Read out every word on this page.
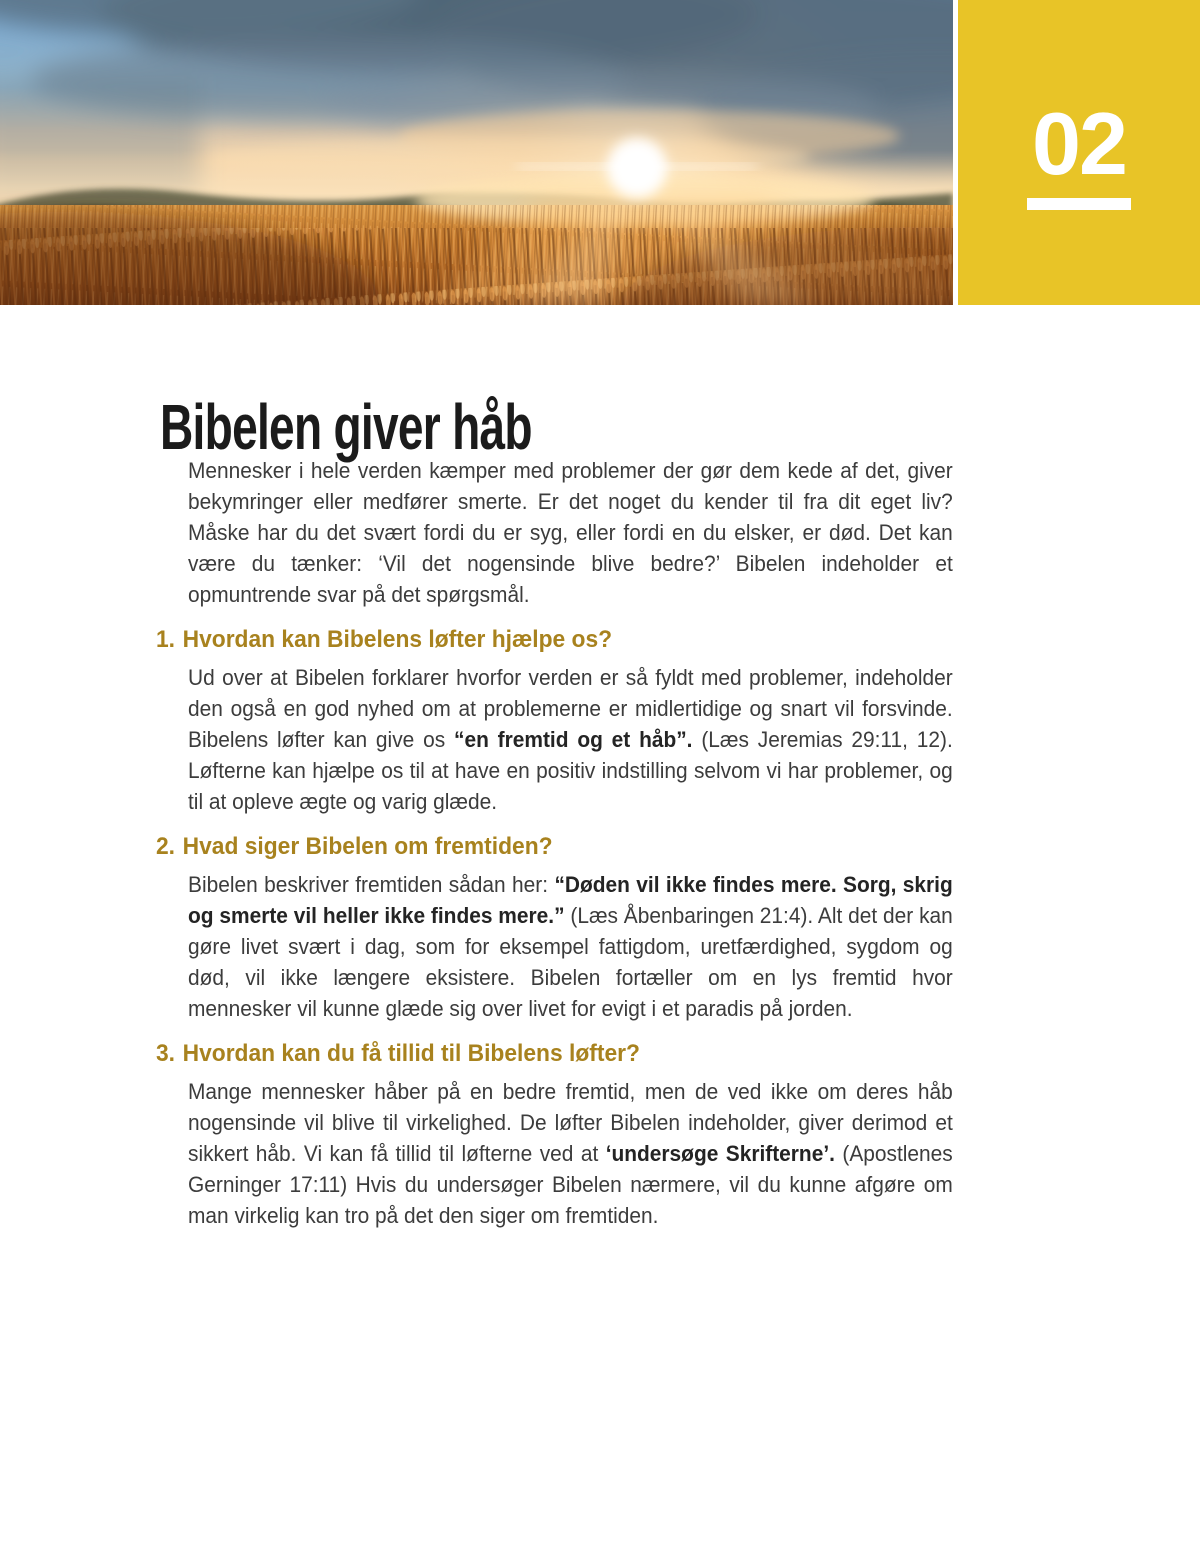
02
Bibelen giver håb

Mennesker i hele verden kæmper med problemer der gør dem kede af det, giver bekymringer eller medfører smerte. Er det noget du kender til fra dit eget liv? Måske har du det svært fordi du er syg, eller fordi en du elsker, er død. Det kan være du tænker: ‘Vil det nogensinde blive bedre?’ Bibelen indeholder et opmuntrende svar på det spørgsmål.

1. Hvordan kan Bibelens løfter hjælpe os?

Ud over at Bibelen forklarer hvorfor verden er så fyldt med problemer, indeholder den også en god nyhed om at problemerne er midlertidige og snart vil forsvinde. Bibelens løfter kan give os “en fremtid og et håb”. (Læs Jeremias 29:11, 12). Løfterne kan hjælpe os til at have en positiv indstilling selvom vi har problemer, og til at opleve ægte og varig glæde.

2. Hvad siger Bibelen om fremtiden?

Bibelen beskriver fremtiden sådan her: “Døden vil ikke findes mere. Sorg, skrig og smerte vil heller ikke findes mere.” (Læs Åbenbaringen 21:4). Alt det der kan gøre livet svært i dag, som for eksempel fattigdom, uretfærdighed, sygdom og død, vil ikke længere eksistere. Bibelen fortæller om en lys fremtid hvor mennesker vil kunne glæde sig over livet for evigt i et paradis på jorden.

3. Hvordan kan du få tillid til Bibelens løfter?

Mange mennesker håber på en bedre fremtid, men de ved ikke om deres håb nogensinde vil blive til virkelighed. De løfter Bibelen indeholder, giver derimod et sikkert håb. Vi kan få tillid til løfterne ved at ‘undersøge Skrifterne’. (Apostlenes Gerninger 17:11) Hvis du undersøger Bibelen nærmere, vil du kunne afgøre om man virkelig kan tro på det den siger om fremtiden.
